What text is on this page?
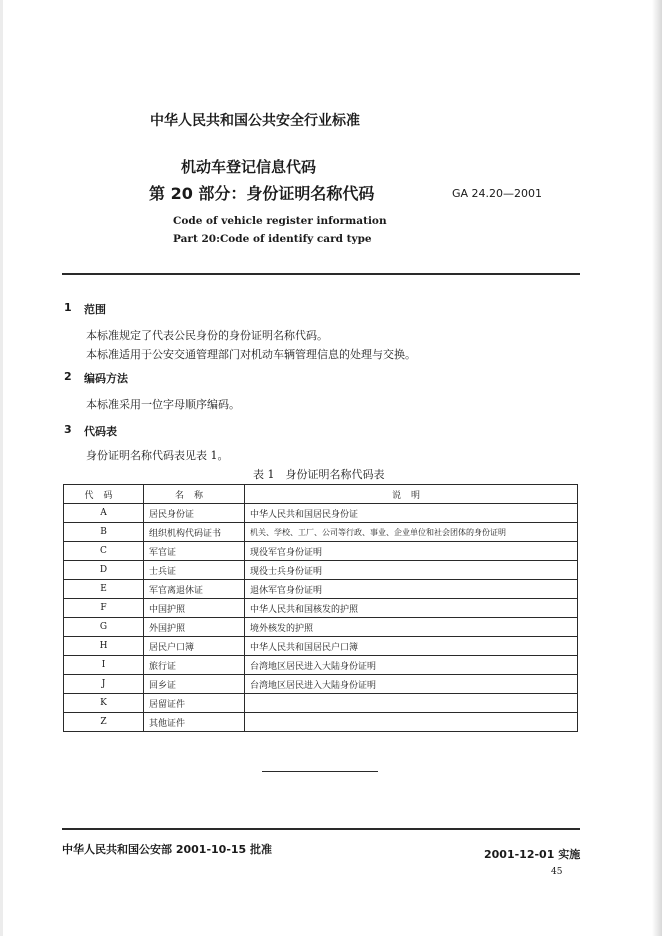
中华人民共和国公共安全行业标准
机动车登记信息代码
第 20 部分：身份证明名称代码	GA 24.20—2001
Code of vehicle register information
Part 20:Code of identify card type
1 范围
本标准规定了代表公民身份的身份证明名称代码。
本标准适用于公安交通管理部门对机动车辆管理信息的处理与交换。
2 编码方法
本标准采用一位字母顺序编码。
3 代码表
身份证明名称代码表见表 1。
表 1　身份证明名称代码表
代码	名称	说明
A	居民身份证	中华人民共和国居民身份证
B	组织机构代码证书	机关、学校、工厂、公司等行政、事业、企业单位和社会团体的身份证明
C	军官证	现役军官身份证明
D	士兵证	现役士兵身份证明
E	军官离退休证	退休军官身份证明
F	中国护照	中华人民共和国核发的护照
G	外国护照	境外核发的护照
H	居民户口簿	中华人民共和国居民户口簿
I	旅行证	台湾地区居民进入大陆身份证明
J	回乡证	台湾地区居民进入大陆身份证明
K	居留证件	
Z	其他证件	
中华人民共和国公安部 2001-10-15 批准	2001-12-01 实施
45
